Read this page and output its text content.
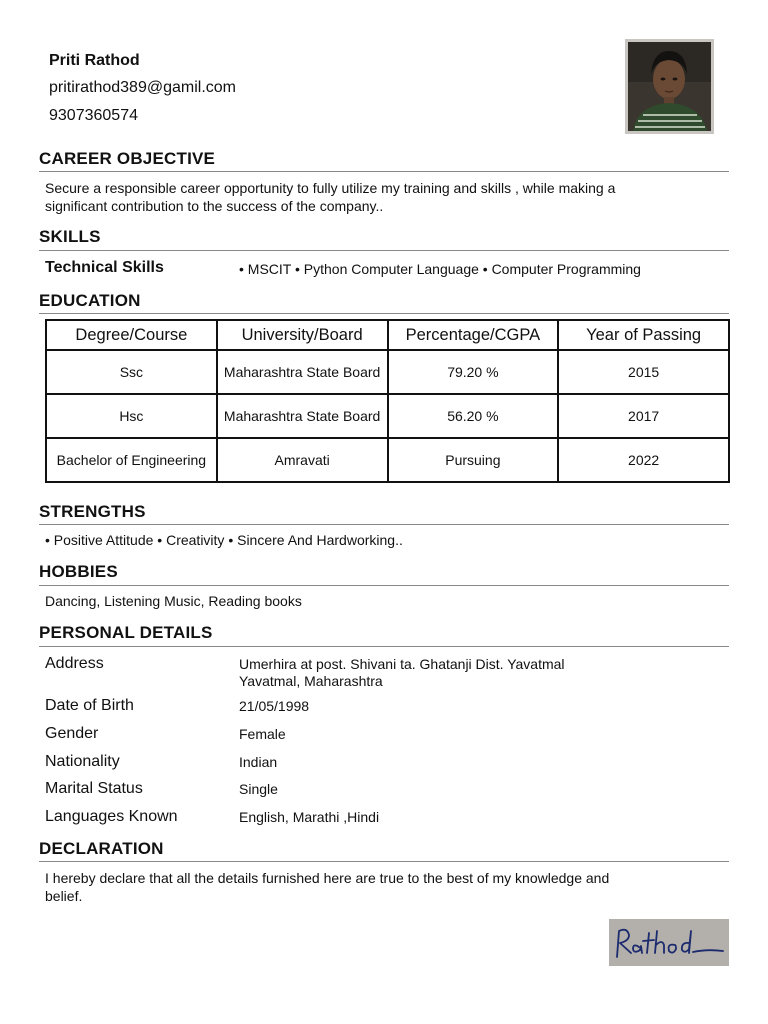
Priti Rathod
pritirathod389@gamil.com
9307360574
CAREER OBJECTIVE
Secure a responsible career opportunity to fully utilize my training and skills , while making a
significant contribution to the success of the company..
SKILLS
Technical Skills	• MSCIT • Python Computer Language • Computer Programming
EDUCATION
Degree/Course	University/Board	Percentage/CGPA	Year of Passing
Ssc	Maharashtra State Board	79.20 %	2015
Hsc	Maharashtra State Board	56.20 %	2017
Bachelor of Engineering	Amravati	Pursuing	2022
STRENGTHS
• Positive Attitude • Creativity • Sincere And Hardworking..
HOBBIES
Dancing, Listening Music, Reading books
PERSONAL DETAILS
Address	Umerhira at post. Shivani ta. Ghatanji Dist. Yavatmal
Yavatmal, Maharashtra
Date of Birth	21/05/1998
Gender	Female
Nationality	Indian
Marital Status	Single
Languages Known	English, Marathi ,Hindi
DECLARATION
I hereby declare that all the details furnished here are true to the best of my knowledge and
belief.
